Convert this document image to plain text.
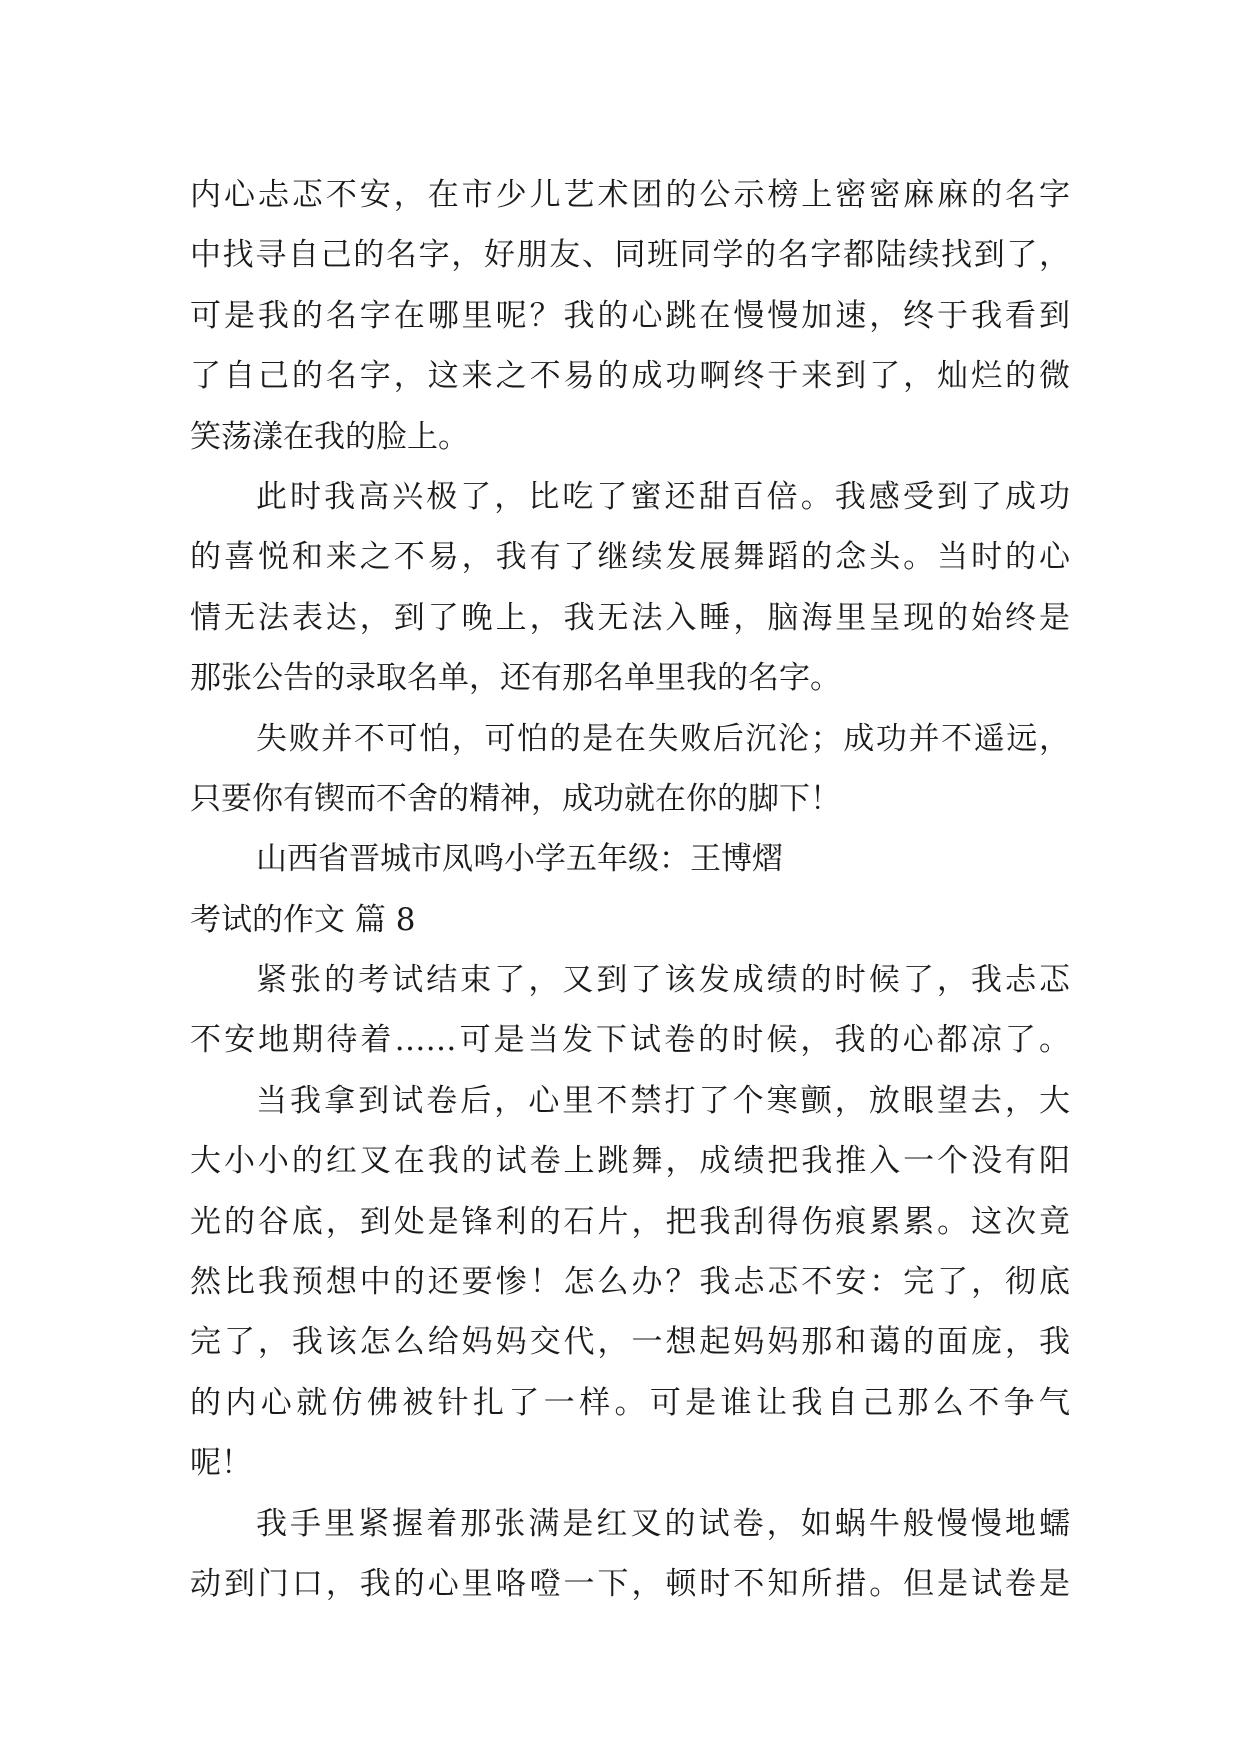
内心忐忑不安，在市少儿艺术团的公示榜上密密麻麻的名字
中找寻自己的名字，好朋友、同班同学的名字都陆续找到了，
可是我的名字在哪里呢？我的心跳在慢慢加速，终于我看到
了自己的名字，这来之不易的成功啊终于来到了，灿烂的微
笑荡漾在我的脸上。
此时我高兴极了，比吃了蜜还甜百倍。我感受到了成功
的喜悦和来之不易，我有了继续发展舞蹈的念头。当时的心
情无法表达，到了晚上，我无法入睡，脑海里呈现的始终是
那张公告的录取名单，还有那名单里我的名字。
失败并不可怕，可怕的是在失败后沉沦；成功并不遥远，
只要你有锲而不舍的精神，成功就在你的脚下！
山西省晋城市凤鸣小学五年级：王博熠
考试的作文 篇 8
紧张的考试结束了，又到了该发成绩的时候了，我忐忑
不安地期待着……可是当发下试卷的时候，我的心都凉了。
当我拿到试卷后，心里不禁打了个寒颤，放眼望去，大
大小小的红叉在我的试卷上跳舞，成绩把我推入一个没有阳
光的谷底，到处是锋利的石片，把我刮得伤痕累累。这次竟
然比我预想中的还要惨！怎么办？我忐忑不安：完了，彻底
完了，我该怎么给妈妈交代，一想起妈妈那和蔼的面庞，我
的内心就仿佛被针扎了一样。可是谁让我自己那么不争气
呢！
我手里紧握着那张满是红叉的试卷，如蜗牛般慢慢地蠕
动到门口，我的心里咯噔一下，顿时不知所措。但是试卷是
